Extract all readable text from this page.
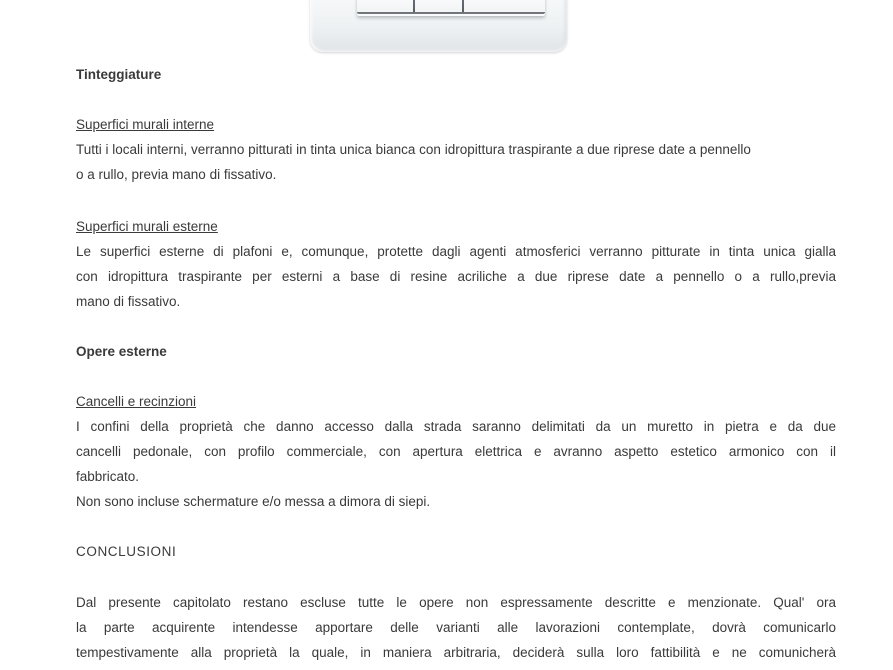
Tinteggiature
Superfici murali interne
Tutti i locali interni, verranno pitturati in tinta unica bianca con idropittura traspirante a due riprese date a pennello
o a rullo, previa mano di fissativo.
Superfici murali esterne
Le superfici esterne di plafoni e, comunque, protette dagli agenti atmosferici verranno pitturate in tinta unica gialla
con idropittura traspirante per esterni a base di resine acriliche a due riprese date a pennello o a rullo,previa
mano di fissativo.
Opere esterne
Cancelli e recinzioni
I confini della proprietà che danno accesso dalla strada saranno delimitati da un muretto in pietra e da due
cancelli pedonale, con profilo commerciale, con apertura elettrica e avranno aspetto estetico armonico con il
fabbricato.
Non sono incluse schermature e/o messa a dimora di siepi.
CONCLUSIONI
Dal presente capitolato restano escluse tutte le opere non espressamente descritte e menzionate. Qual' ora
la parte acquirente intendesse apportare delle varianti alle lavorazioni contemplate, dovrà comunicarlo
tempestivamente alla proprietà la quale, in maniera arbitraria, deciderà sulla loro fattibilità e ne comunicherà
